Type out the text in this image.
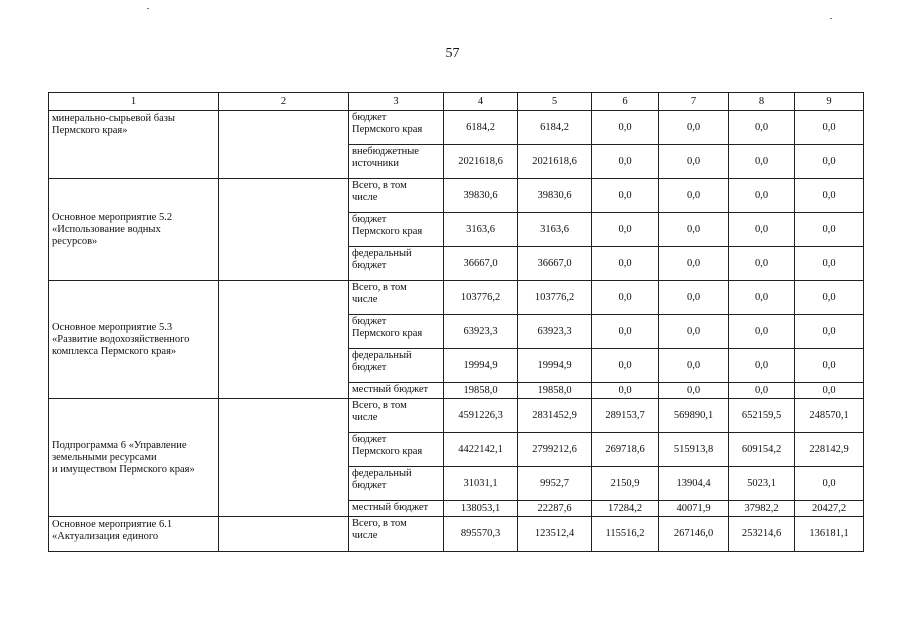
57
1	2	3	4	5	6	7	8	9
минерально-сырьевой базы
Пермского края»		бюджет
Пермского края	6184,2	6184,2	0,0	0,0	0,0	0,0
		внебюджетные
источники	2021618,6	2021618,6	0,0	0,0	0,0	0,0
Основное мероприятие 5.2
«Использование водных
ресурсов»		Всего, в том
числе	39830,6	39830,6	0,0	0,0	0,0	0,0
		бюджет
Пермского края	3163,6	3163,6	0,0	0,0	0,0	0,0
		федеральный
бюджет	36667,0	36667,0	0,0	0,0	0,0	0,0
Основное мероприятие 5.3
«Развитие водохозяйственного
комплекса Пермского края»		Всего, в том
числе	103776,2	103776,2	0,0	0,0	0,0	0,0
		бюджет
Пермского края	63923,3	63923,3	0,0	0,0	0,0	0,0
		федеральный
бюджет	19994,9	19994,9	0,0	0,0	0,0	0,0
		местный бюджет	19858,0	19858,0	0,0	0,0	0,0	0,0
Подпрограмма 6 «Управление
земельными ресурсами
и имуществом Пермского края»		Всего, в том
числе	4591226,3	2831452,9	289153,7	569890,1	652159,5	248570,1
		бюджет
Пермского края	4422142,1	2799212,6	269718,6	515913,8	609154,2	228142,9
		федеральный
бюджет	31031,1	9952,7	2150,9	13904,4	5023,1	0,0
		местный бюджет	138053,1	22287,6	17284,2	40071,9	37982,2	20427,2
Основное мероприятие 6.1
«Актуализация единого		Всего, в том
числе	895570,3	123512,4	115516,2	267146,0	253214,6	136181,1
